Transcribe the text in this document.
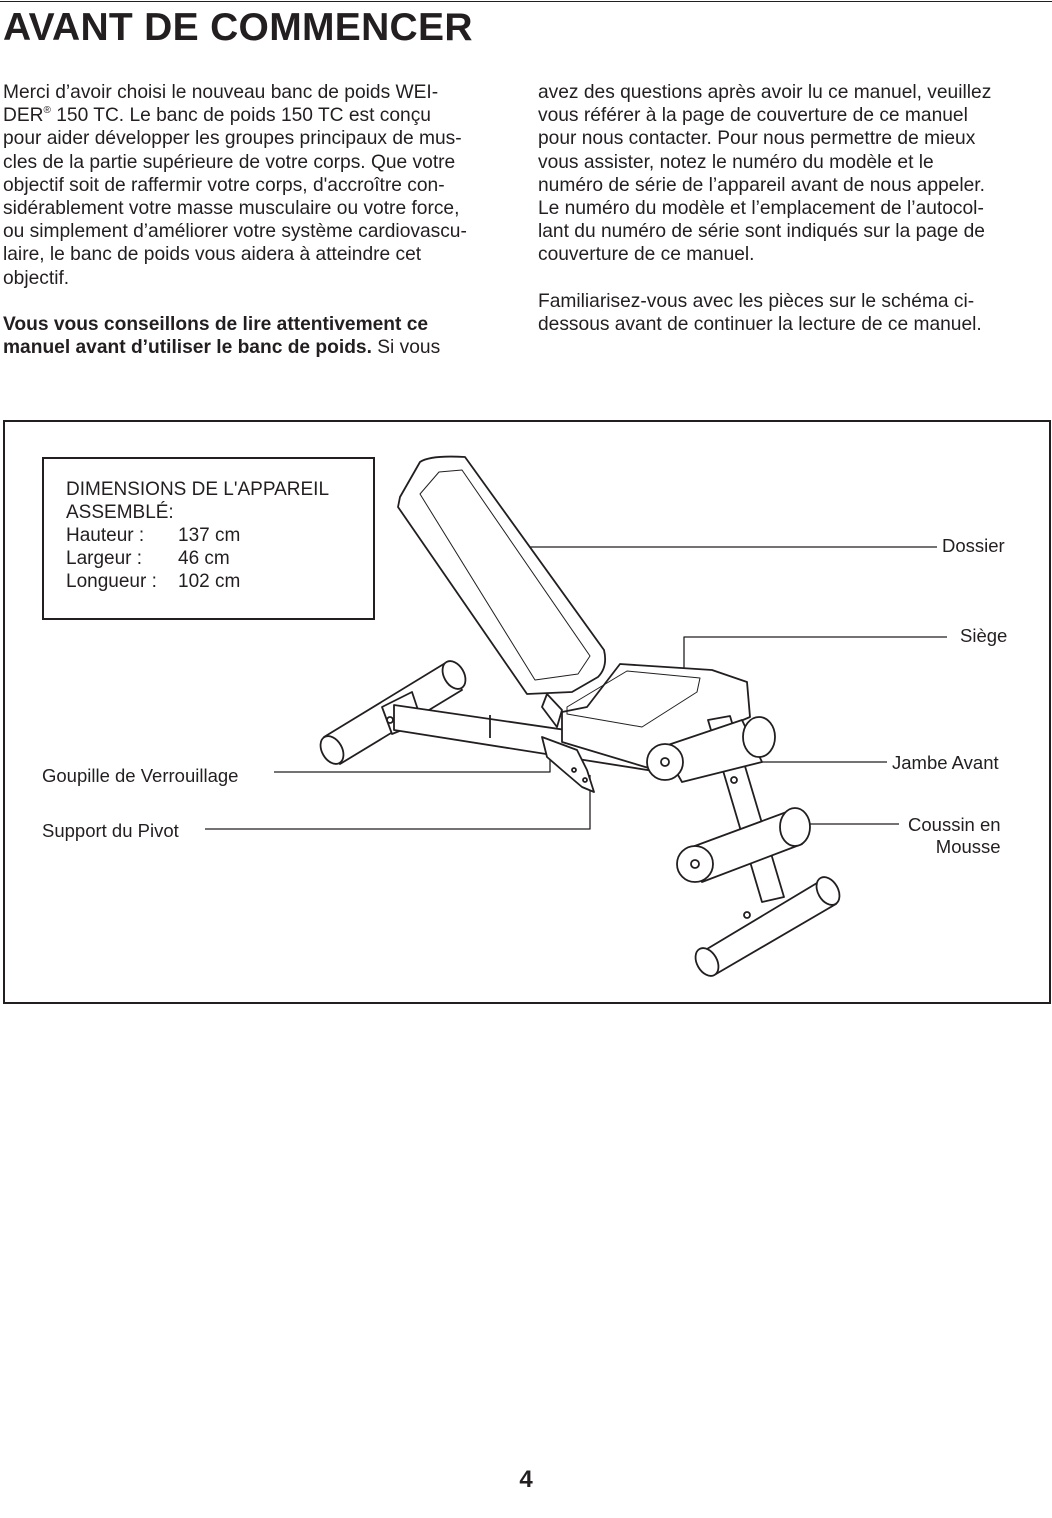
AVANT DE COMMENCER
Merci d’avoir choisi le nouveau banc de poids WEI-
DER® 150 TC. Le banc de poids 150 TC est conçu
pour aider développer les groupes principaux de mus-
cles de la partie supérieure de votre corps. Que votre
objectif soit de raffermir votre corps, d'accroître con-
sidérablement votre masse musculaire ou votre force,
ou simplement d’améliorer votre système cardiovascu-
laire, le banc de poids vous aidera à atteindre cet
objectif.
Vous vous conseillons de lire attentivement ce
manuel avant d’utiliser le banc de poids. Si vous
avez des questions après avoir lu ce manuel, veuillez
vous référer à la page de couverture de ce manuel
pour nous contacter. Pour nous permettre de mieux
vous assister, notez le numéro du modèle et le
numéro de série de l’appareil avant de nous appeler.
Le numéro du modèle et l’emplacement de l’autocol-
lant du numéro de série sont indiqués sur la page de
couverture de ce manuel.
Familiarisez-vous avec les pièces sur le schéma ci-
dessous avant de continuer la lecture de ce manuel.
DIMENSIONS DE L'APPAREIL
ASSEMBLÉ:
Hauteur :	137 cm
Largeur :	46 cm
Longueur :	102 cm
Dossier
Siège
Jambe Avant
Coussin en
Mousse
Goupille de Verrouillage
Support du Pivot
4
